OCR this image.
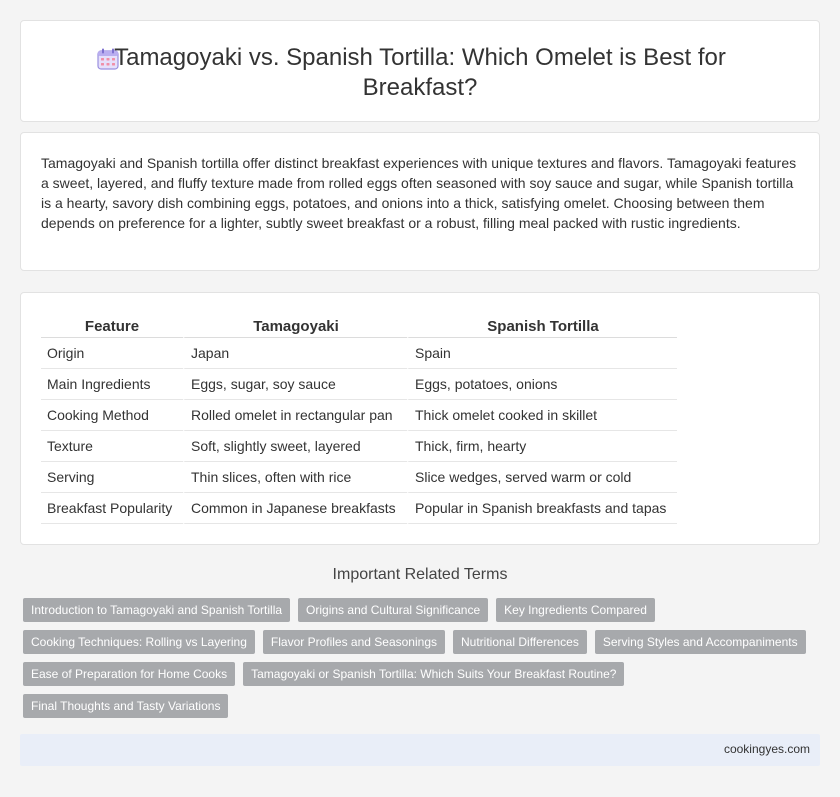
Tamagoyaki vs. Spanish Tortilla: Which Omelet is Best for Breakfast?

Tamagoyaki and Spanish tortilla offer distinct breakfast experiences with unique textures and flavors. Tamagoyaki features a sweet, layered, and fluffy texture made from rolled eggs often seasoned with soy sauce and sugar, while Spanish tortilla is a hearty, savory dish combining eggs, potatoes, and onions into a thick, satisfying omelet. Choosing between them depends on preference for a lighter, subtly sweet breakfast or a robust, filling meal packed with rustic ingredients.

Feature	Tamagoyaki	Spanish Tortilla
Origin	Japan	Spain
Main Ingredients	Eggs, sugar, soy sauce	Eggs, potatoes, onions
Cooking Method	Rolled omelet in rectangular pan	Thick omelet cooked in skillet
Texture	Soft, slightly sweet, layered	Thick, firm, hearty
Serving	Thin slices, often with rice	Slice wedges, served warm or cold
Breakfast Popularity	Common in Japanese breakfasts	Popular in Spanish breakfasts and tapas
Important Related Terms
Introduction to Tamagoyaki and Spanish Tortilla	Origins and Cultural Significance	Key Ingredients Compared
Cooking Techniques: Rolling vs Layering	Flavor Profiles and Seasonings	Nutritional Differences	Serving Styles and Accompaniments
Ease of Preparation for Home Cooks	Tamagoyaki or Spanish Tortilla: Which Suits Your Breakfast Routine?
Final Thoughts and Tasty Variations
cookingyes.com
